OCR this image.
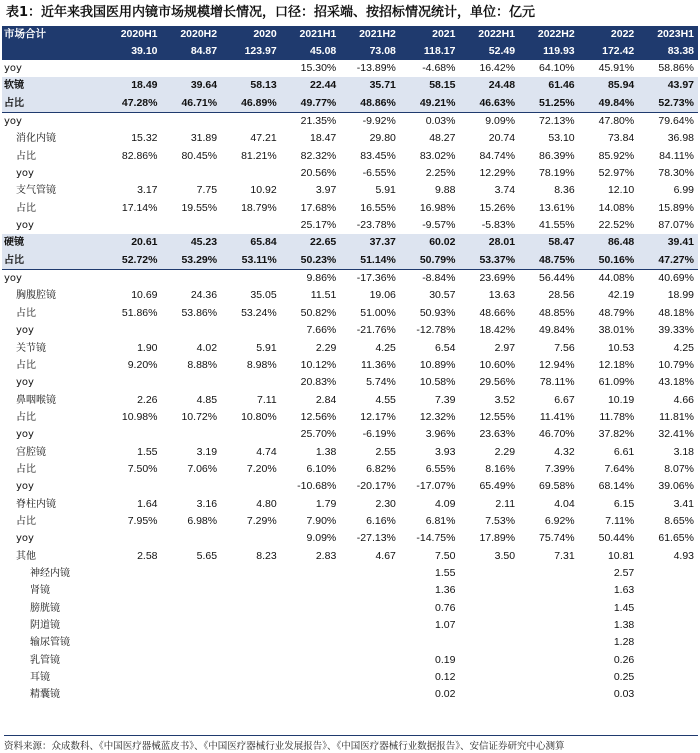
表1：近年来我国医用内镜市场规模增长情况，口径：招采端、按招标情况统计，单位：亿元
市场合计	2020H1	2020H2	2020	2021H1	2021H2	2021	2022H1	2022H2	2022	2023H1
	39.10	84.87	123.97	45.08	73.08	118.17	52.49	119.93	172.42	83.38
yoy				15.30%	-13.89%	-4.68%	16.42%	64.10%	45.91%	58.86%
软镜	18.49	39.64	58.13	22.44	35.71	58.15	24.48	61.46	85.94	43.97
占比	47.28%	46.71%	46.89%	49.77%	48.86%	49.21%	46.63%	51.25%	49.84%	52.73%
yoy				21.35%	-9.92%	0.03%	9.09%	72.13%	47.80%	79.64%
消化内镜	15.32	31.89	47.21	18.47	29.80	48.27	20.74	53.10	73.84	36.98
占比	82.86%	80.45%	81.21%	82.32%	83.45%	83.02%	84.74%	86.39%	85.92%	84.11%
yoy				20.56%	-6.55%	2.25%	12.29%	78.19%	52.97%	78.30%
支气管镜	3.17	7.75	10.92	3.97	5.91	9.88	3.74	8.36	12.10	6.99
占比	17.14%	19.55%	18.79%	17.68%	16.55%	16.98%	15.26%	13.61%	14.08%	15.89%
yoy				25.17%	-23.78%	-9.57%	-5.83%	41.55%	22.52%	87.07%
硬镜	20.61	45.23	65.84	22.65	37.37	60.02	28.01	58.47	86.48	39.41
占比	52.72%	53.29%	53.11%	50.23%	51.14%	50.79%	53.37%	48.75%	50.16%	47.27%
yoy				9.86%	-17.36%	-8.84%	23.69%	56.44%	44.08%	40.69%
胸腹腔镜	10.69	24.36	35.05	11.51	19.06	30.57	13.63	28.56	42.19	18.99
占比	51.86%	53.86%	53.24%	50.82%	51.00%	50.93%	48.66%	48.85%	48.79%	48.18%
yoy				7.66%	-21.76%	-12.78%	18.42%	49.84%	38.01%	39.33%
关节镜	1.90	4.02	5.91	2.29	4.25	6.54	2.97	7.56	10.53	4.25
占比	9.20%	8.88%	8.98%	10.12%	11.36%	10.89%	10.60%	12.94%	12.18%	10.79%
yoy				20.83%	5.74%	10.58%	29.56%	78.11%	61.09%	43.18%
鼻咽喉镜	2.26	4.85	7.11	2.84	4.55	7.39	3.52	6.67	10.19	4.66
占比	10.98%	10.72%	10.80%	12.56%	12.17%	12.32%	12.55%	11.41%	11.78%	11.81%
yoy				25.70%	-6.19%	3.96%	23.63%	46.70%	37.82%	32.41%
宫腔镜	1.55	3.19	4.74	1.38	2.55	3.93	2.29	4.32	6.61	3.18
占比	7.50%	7.06%	7.20%	6.10%	6.82%	6.55%	8.16%	7.39%	7.64%	8.07%
yoy				-10.68%	-20.17%	-17.07%	65.49%	69.58%	68.14%	39.06%
脊柱内镜	1.64	3.16	4.80	1.79	2.30	4.09	2.11	4.04	6.15	3.41
占比	7.95%	6.98%	7.29%	7.90%	6.16%	6.81%	7.53%	6.92%	7.11%	8.65%
yoy				9.09%	-27.13%	-14.75%	17.89%	75.74%	50.44%	61.65%
其他	2.58	5.65	8.23	2.83	4.67	7.50	3.50	7.31	10.81	4.93
神经内镜						1.55			2.57	
肾镜						1.36			1.63	
膀胱镜						0.76			1.45	
阴道镜						1.07			1.38	
输尿管镜									1.28	
乳管镜						0.19			0.26	
耳镜						0.12			0.25	
精囊镜						0.02			0.03	
资料来源：众成数科、《中国医疗器械蓝皮书》、《中国医疗器械行业发展报告》、《中国医疗器械行业数据报告》、安信证券研究中心测算
